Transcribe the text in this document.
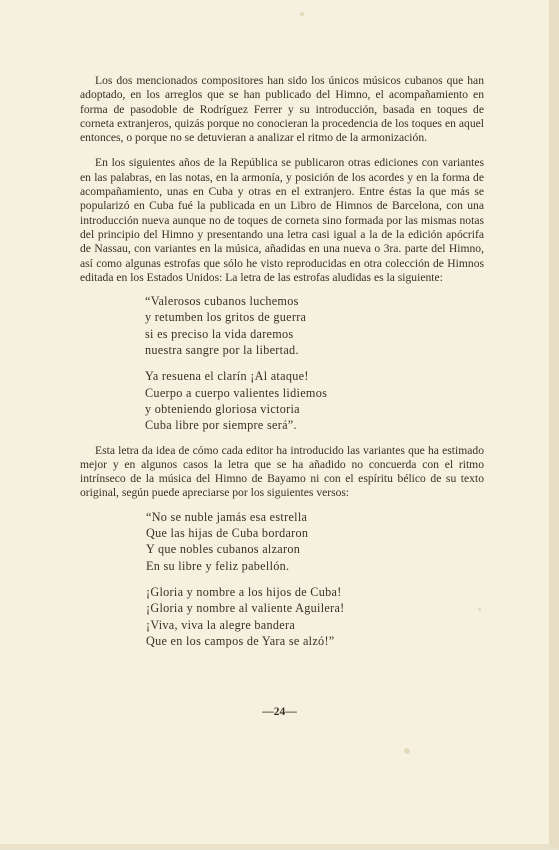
Los dos mencionados compositores han sido los únicos músicos cubanos que han adoptado, en los arreglos que se han publicado del Himno, el acompañamiento en forma de pasodoble de Rodríguez Ferrer y su introducción, basada en toques de corneta extranjeros, quizás porque no conocieran la procedencia de los toques en aquel entonces, o porque no se detuvieran a analizar el ritmo de la armonización.

En los siguientes años de la República se publicaron otras ediciones con variantes en las palabras, en las notas, en la armonía, y posición de los acordes y en la forma de acompañamiento, unas en Cuba y otras en el extranjero. Entre éstas la que más se popularizó en Cuba fué la publicada en un Libro de Himnos de Barcelona, con una introducción nueva aunque no de toques de corneta sino formada por las mismas notas del principio del Himno y presentando una letra casi igual a la de la edición apócrifa de Nassau, con variantes en la música, añadidas en una nueva o 3ra. parte del Himno, así como algunas estrofas que sólo he visto reproducidas en otra colección de Himnos editada en los Estados Unidos: La letra de las estrofas aludidas es la siguiente:

“Valerosos cubanos luchemos
y retumben los gritos de guerra
si es preciso la vida daremos
nuestra sangre por la libertad.
Ya resuena el clarín ¡Al ataque!
Cuerpo a cuerpo valientes lidiemos
y obteniendo gloriosa victoria
Cuba libre por siempre será”.

Esta letra da idea de cómo cada editor ha introducido las variantes que ha estimado mejor y en algunos casos la letra que se ha añadido no concuerda con el ritmo intrínseco de la música del Himno de Bayamo ni con el espíritu bélico de su texto original, según puede apreciarse por los siguientes versos:

“No se nuble jamás esa estrella
Que las hijas de Cuba bordaron
Y que nobles cubanos alzaron
En su libre y feliz pabellón.
¡Gloria y nombre a los hijos de Cuba!
¡Gloria y nombre al valiente Aguilera!
¡Viva, viva la alegre bandera
Que en los campos de Yara se alzó!”
—24—
